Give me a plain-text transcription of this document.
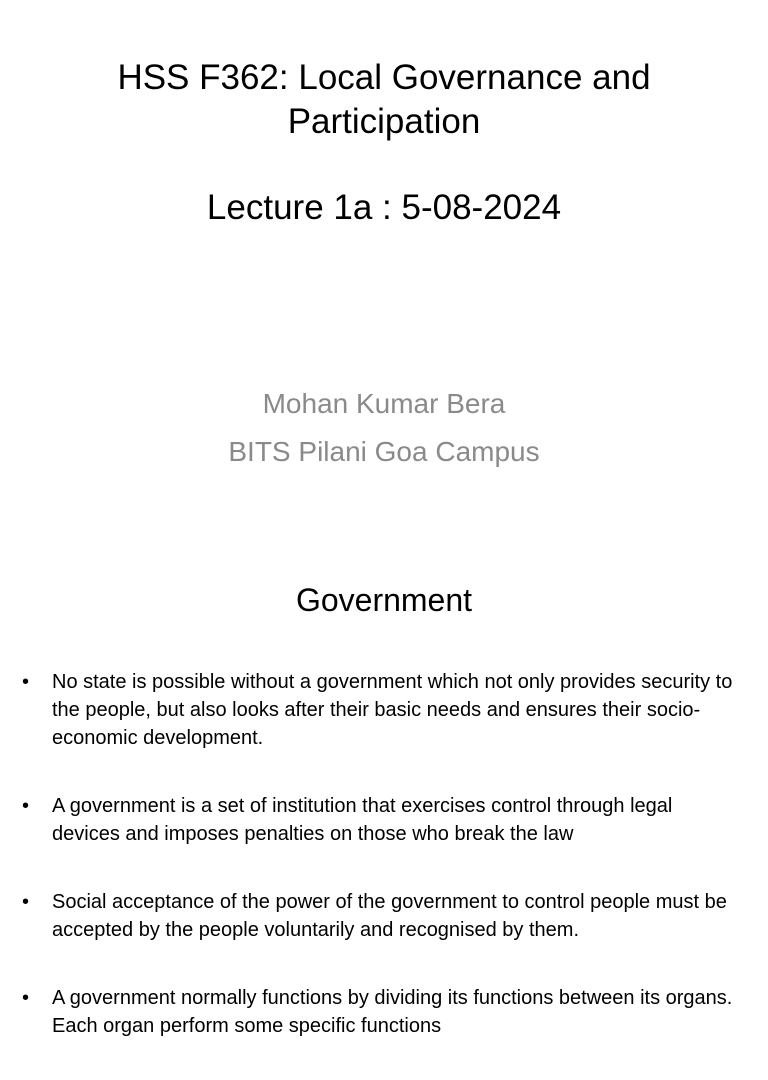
HSS F362: Local Governance and Participation
Lecture 1a : 5-08-2024
Mohan Kumar Bera
BITS Pilani Goa Campus
Government
•	No state is possible without a government which not only provides security to the people, but also looks after their basic needs and ensures their socio-economic development.
•	A government is a set of institution that exercises control through legal devices and imposes penalties on those who break the law
•	Social acceptance of the power of the government to control people must be accepted by the people voluntarily and recognised by them.
•	A government normally functions by dividing its functions between its organs. Each organ perform some specific functions
